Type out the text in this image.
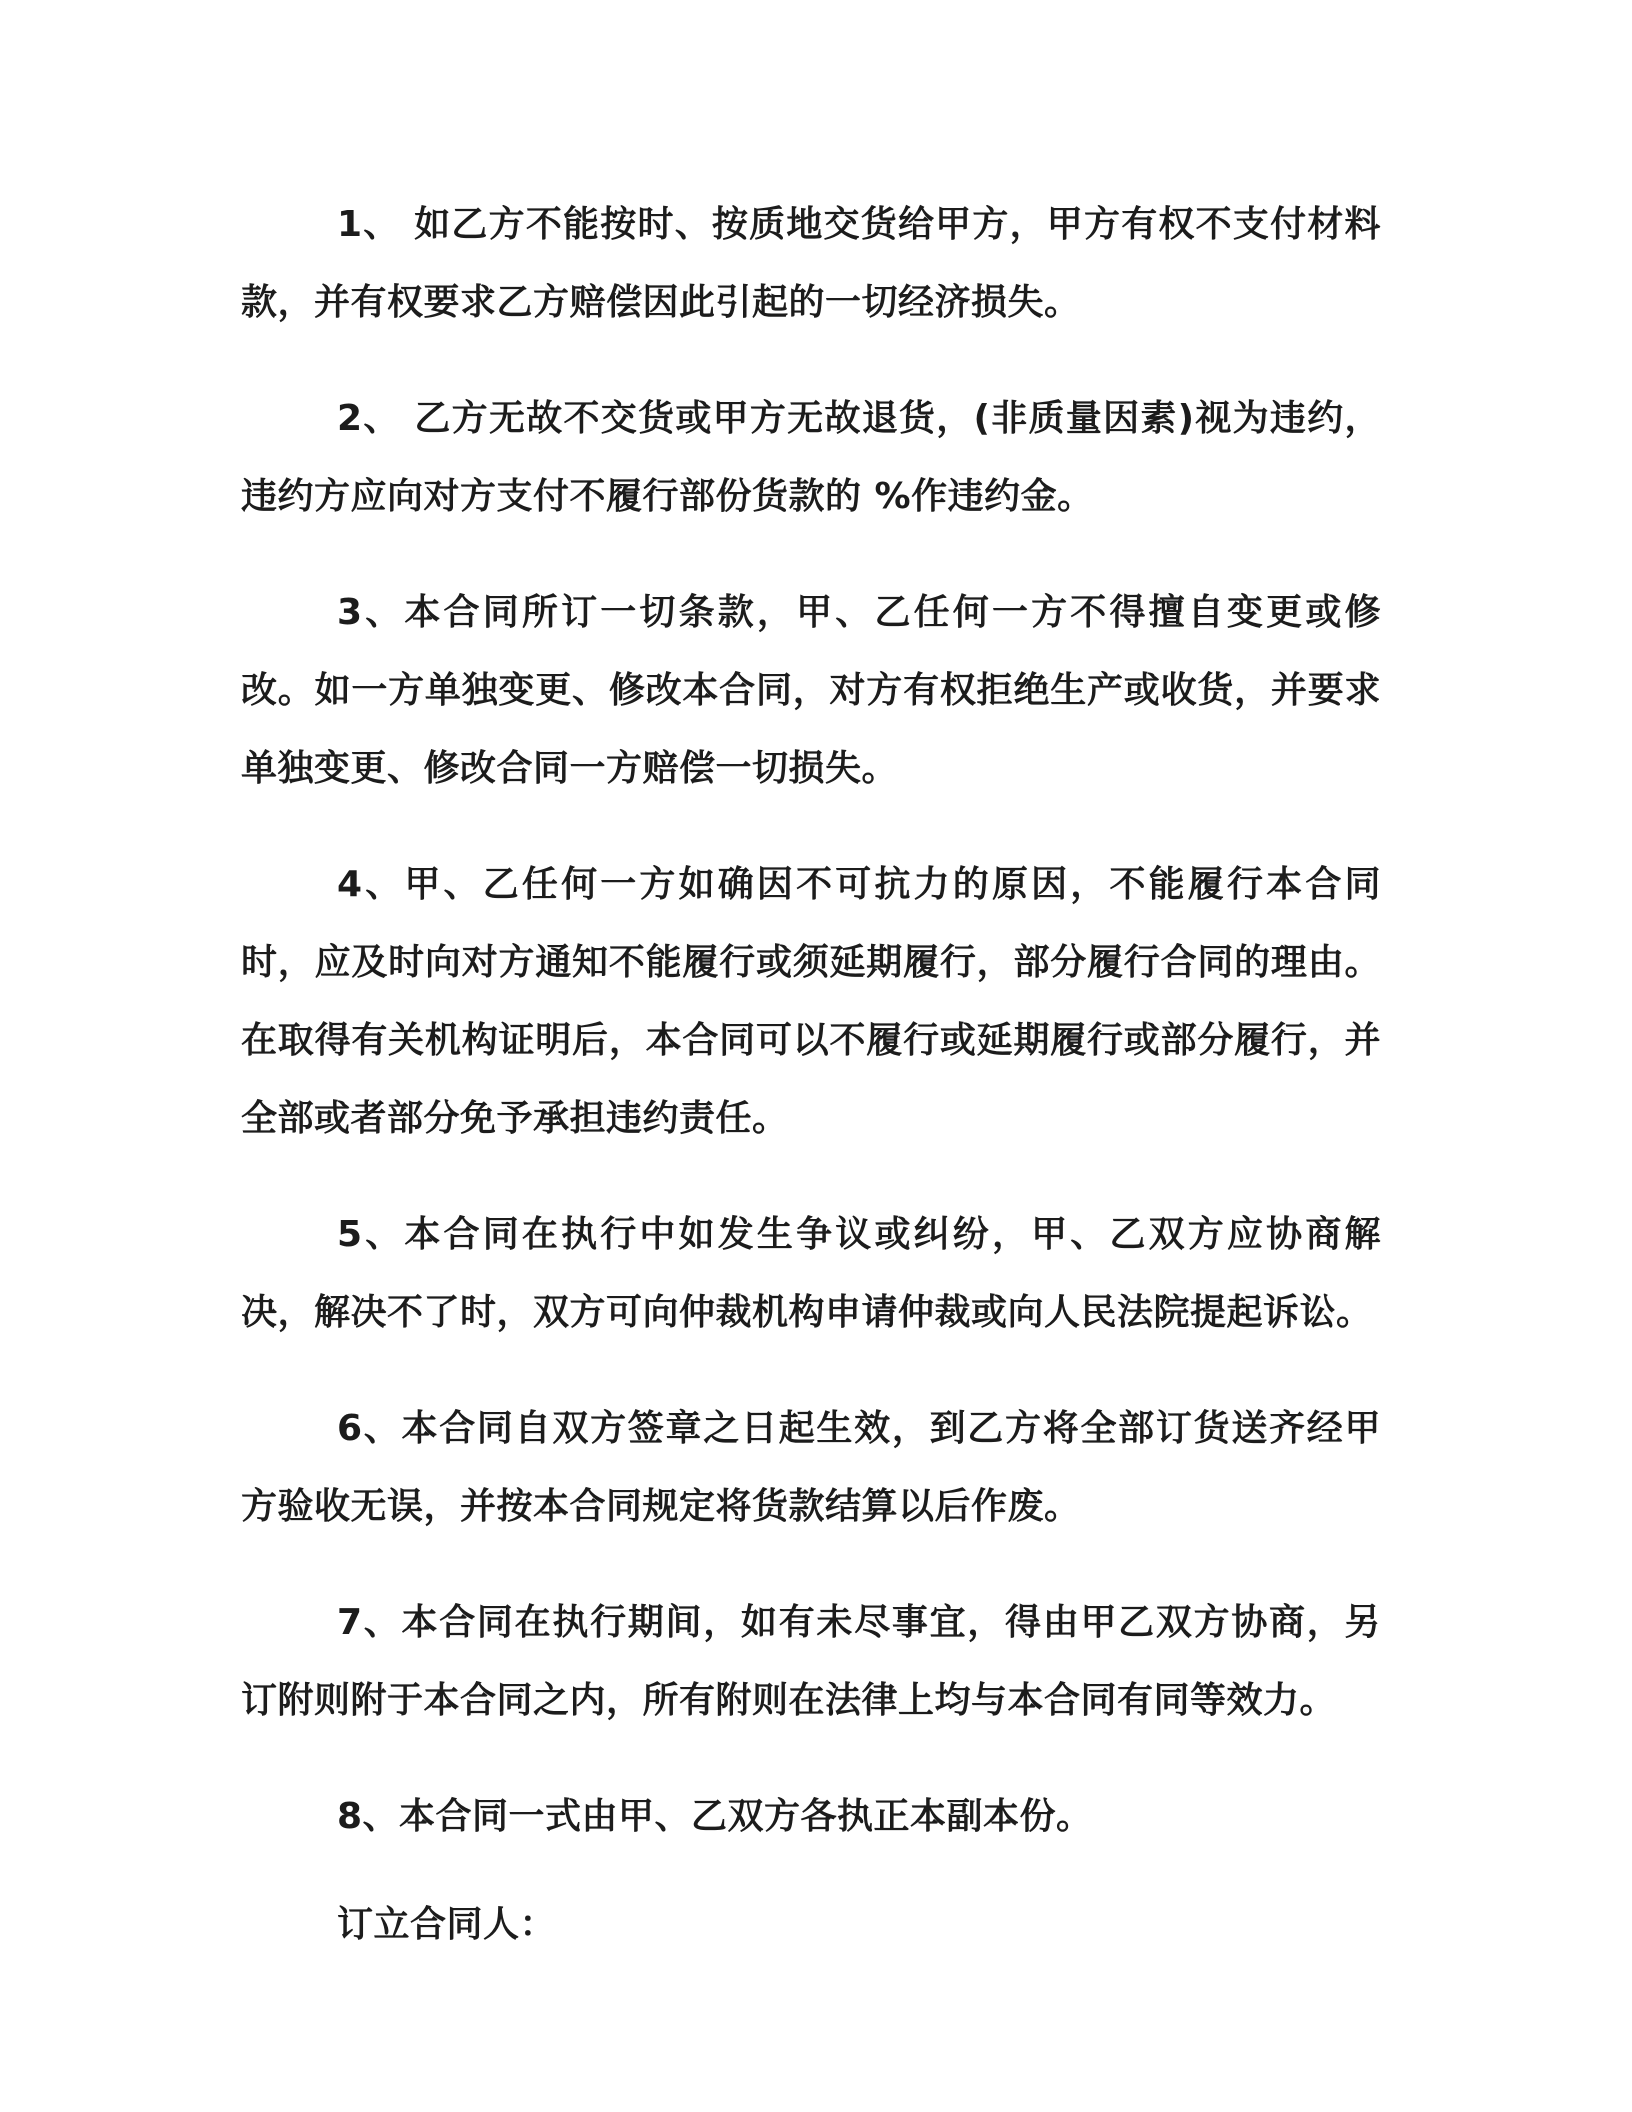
1、 如乙方不能按时、按质地交货给甲方，甲方有权不支付材料款，并有权要求乙方赔偿因此引起的一切经济损失。

2、 乙方无故不交货或甲方无故退货，(非质量因素)视为违约，违约方应向对方支付不履行部份货款的 %作违约金。

3、本合同所订一切条款，甲、乙任何一方不得擅自变更或修改。如一方单独变更、修改本合同，对方有权拒绝生产或收货，并要求单独变更、修改合同一方赔偿一切损失。

4、甲、乙任何一方如确因不可抗力的原因，不能履行本合同时，应及时向对方通知不能履行或须延期履行，部分履行合同的理由。在取得有关机构证明后，本合同可以不履行或延期履行或部分履行，并全部或者部分免予承担违约责任。

5、本合同在执行中如发生争议或纠纷，甲、乙双方应协商解决，解决不了时，双方可向仲裁机构申请仲裁或向人民法院提起诉讼。

6、本合同自双方签章之日起生效，到乙方将全部订货送齐经甲方验收无误，并按本合同规定将货款结算以后作废。

7、本合同在执行期间，如有未尽事宜，得由甲乙双方协商，另订附则附于本合同之内，所有附则在法律上均与本合同有同等效力。

8、本合同一式由甲、乙双方各执正本副本份。

订立合同人：
